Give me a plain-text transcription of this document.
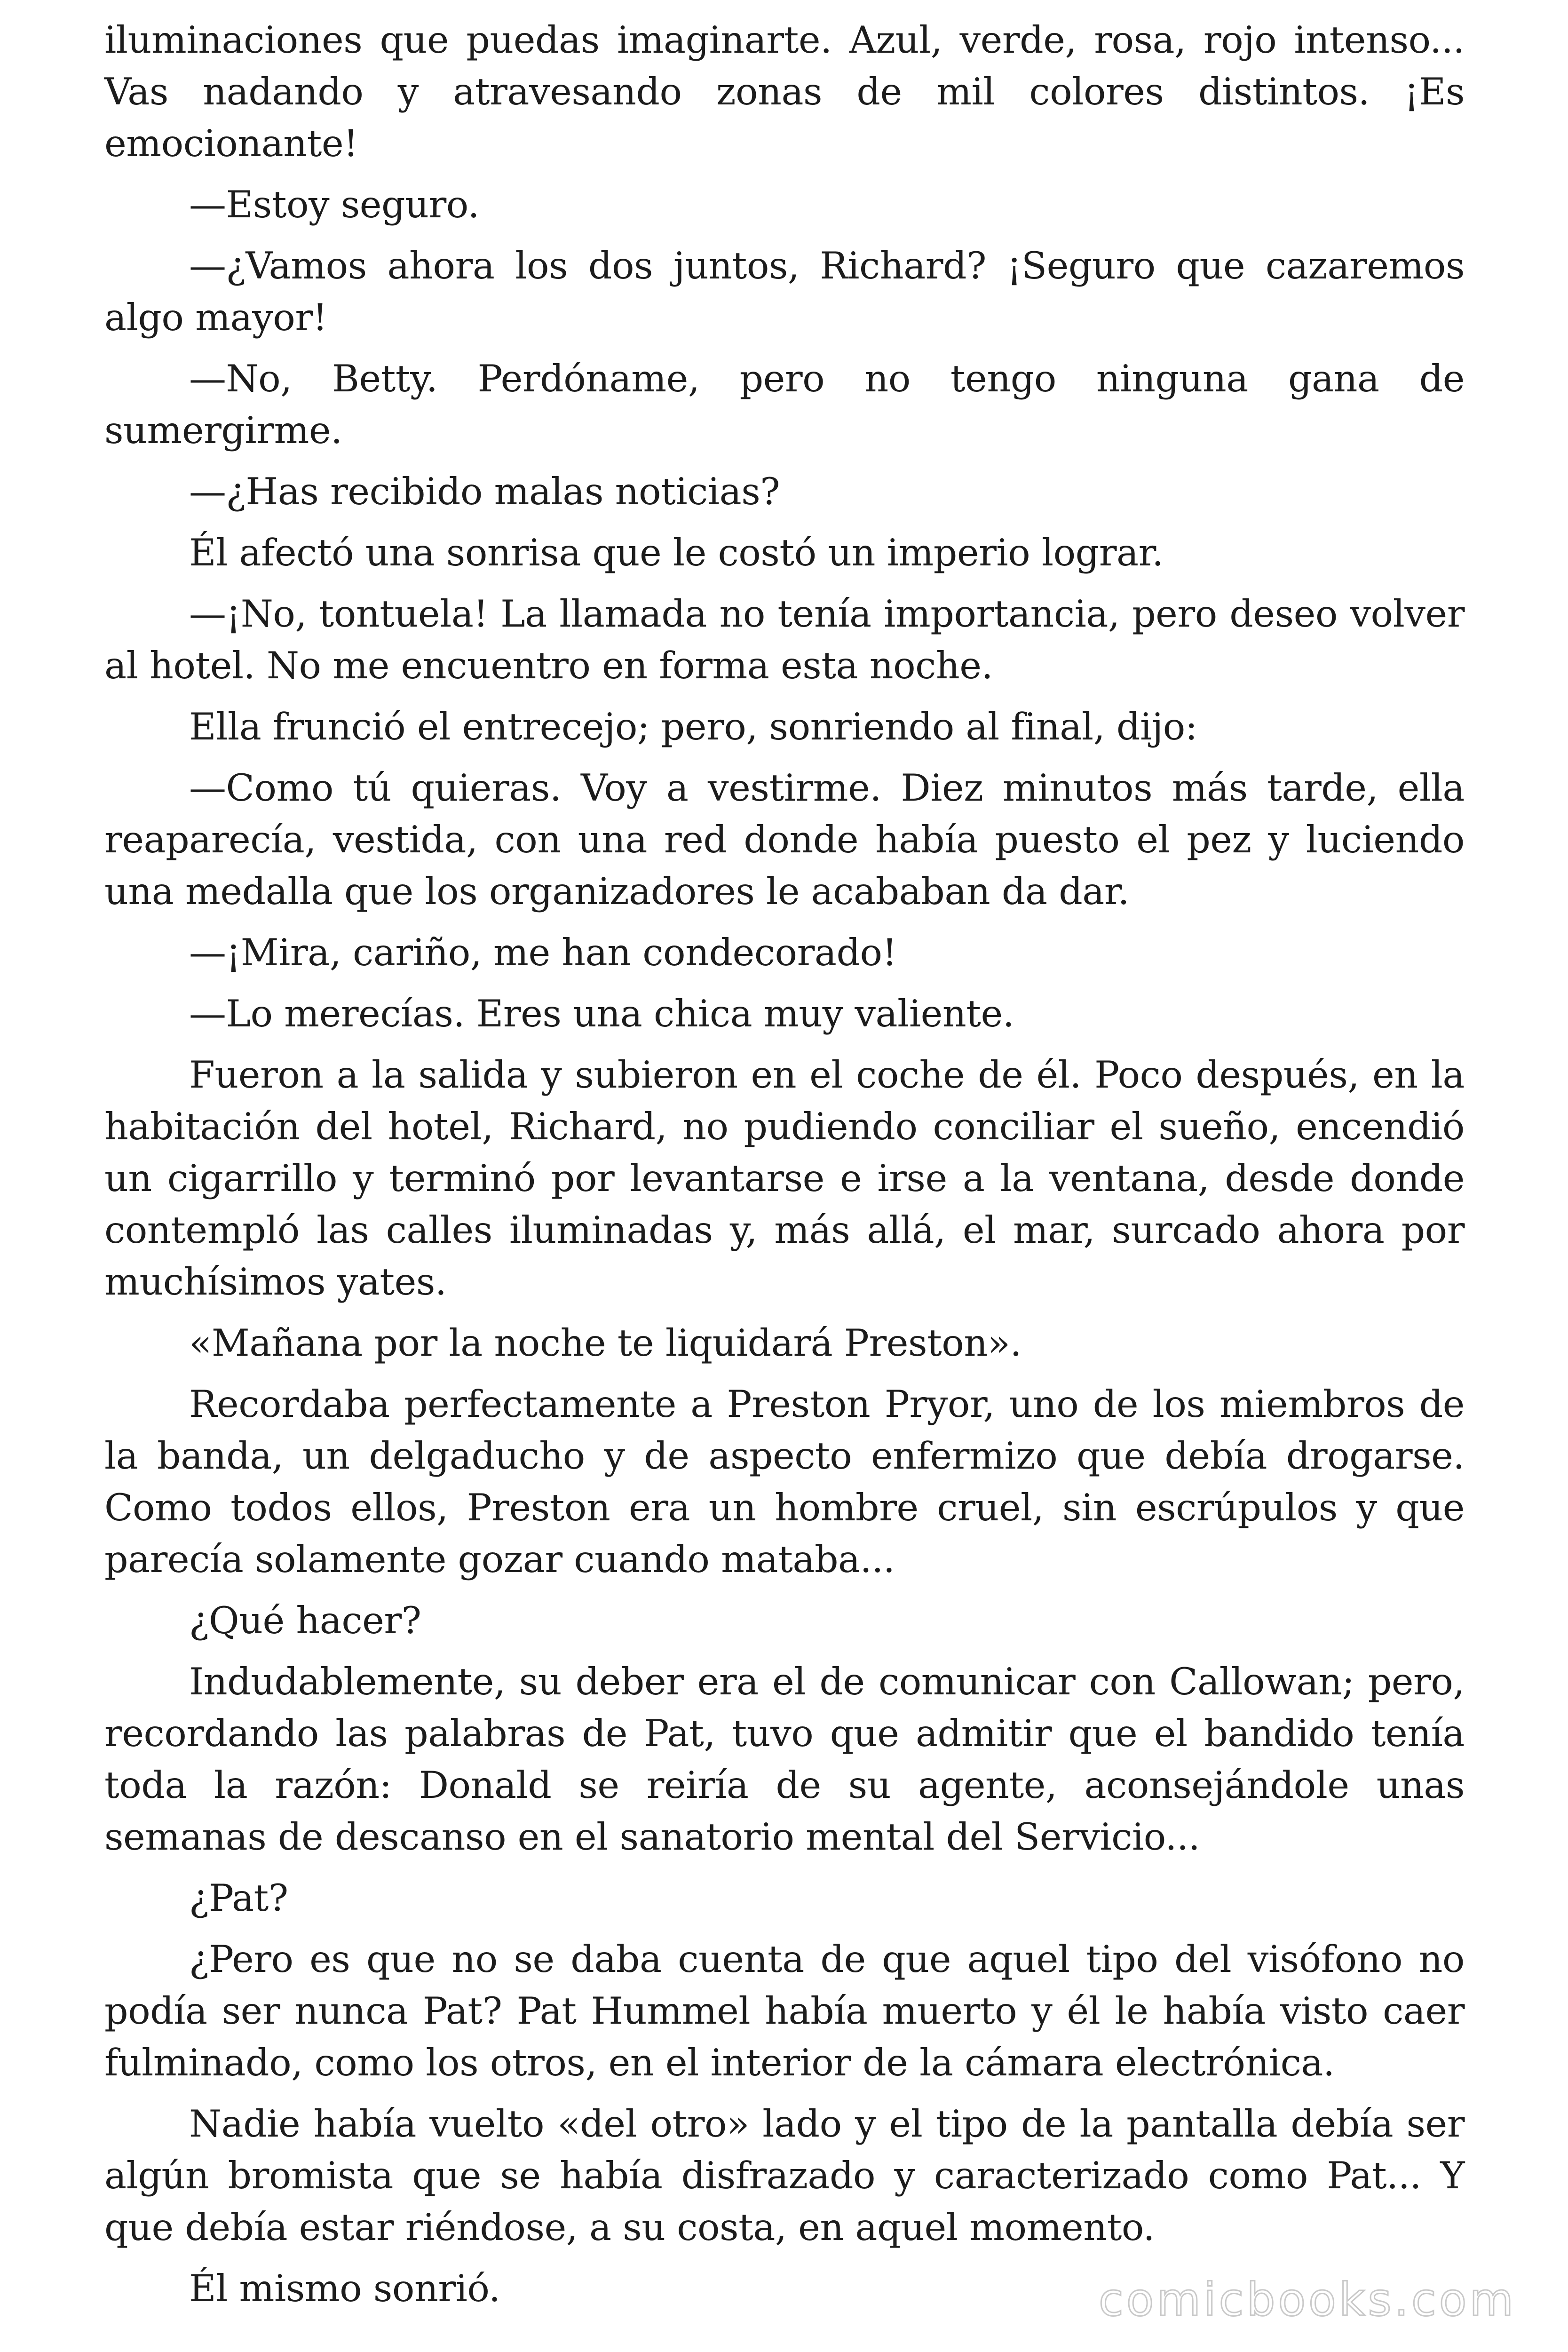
iluminaciones que puedas imaginarte. Azul, verde, rosa, rojo intenso... Vas nadando y atravesando zonas de mil colores distintos. ¡Es emocionante!

—Estoy seguro.

—¿Vamos ahora los dos juntos, Richard? ¡Seguro que cazaremos algo mayor!

—No, Betty. Perdóname, pero no tengo ninguna gana de sumergirme.

—¿Has recibido malas noticias?

Él afectó una sonrisa que le costó un imperio lograr.

—¡No, tontuela! La llamada no tenía importancia, pero deseo volver al hotel. No me encuentro en forma esta noche.

Ella frunció el entrecejo; pero, sonriendo al final, dijo:

—Como tú quieras. Voy a vestirme. Diez minutos más tarde, ella reaparecía, vestida, con una red donde había puesto el pez y luciendo una medalla que los organizadores le acababan da dar.

—¡Mira, cariño, me han condecorado!

—Lo merecías. Eres una chica muy valiente.

Fueron a la salida y subieron en el coche de él. Poco después, en la habitación del hotel, Richard, no pudiendo conciliar el sueño, encendió un cigarrillo y terminó por levantarse e irse a la ventana, desde donde contempló las calles iluminadas y, más allá, el mar, surcado ahora por muchísimos yates.

«Mañana por la noche te liquidará Preston».

Recordaba perfectamente a Preston Pryor, uno de los miembros de la banda, un delgaducho y de aspecto enfermizo que debía drogarse. Como todos ellos, Preston era un hombre cruel, sin escrúpulos y que parecía solamente gozar cuando mataba...

¿Qué hacer?

Indudablemente, su deber era el de comunicar con Callowan; pero, recordando las palabras de Pat, tuvo que admitir que el bandido tenía toda la razón: Donald se reiría de su agente, aconsejándole unas semanas de descanso en el sanatorio mental del Servicio...

¿Pat?

¿Pero es que no se daba cuenta de que aquel tipo del visófono no podía ser nunca Pat? Pat Hummel había muerto y él le había visto caer fulminado, como los otros, en el interior de la cámara electrónica.

Nadie había vuelto «del otro» lado y el tipo de la pantalla debía ser algún bromista que se había disfrazado y caracterizado como Pat... Y que debía estar riéndose, a su costa, en aquel momento.

Él mismo sonrió.	comicbooks.com
